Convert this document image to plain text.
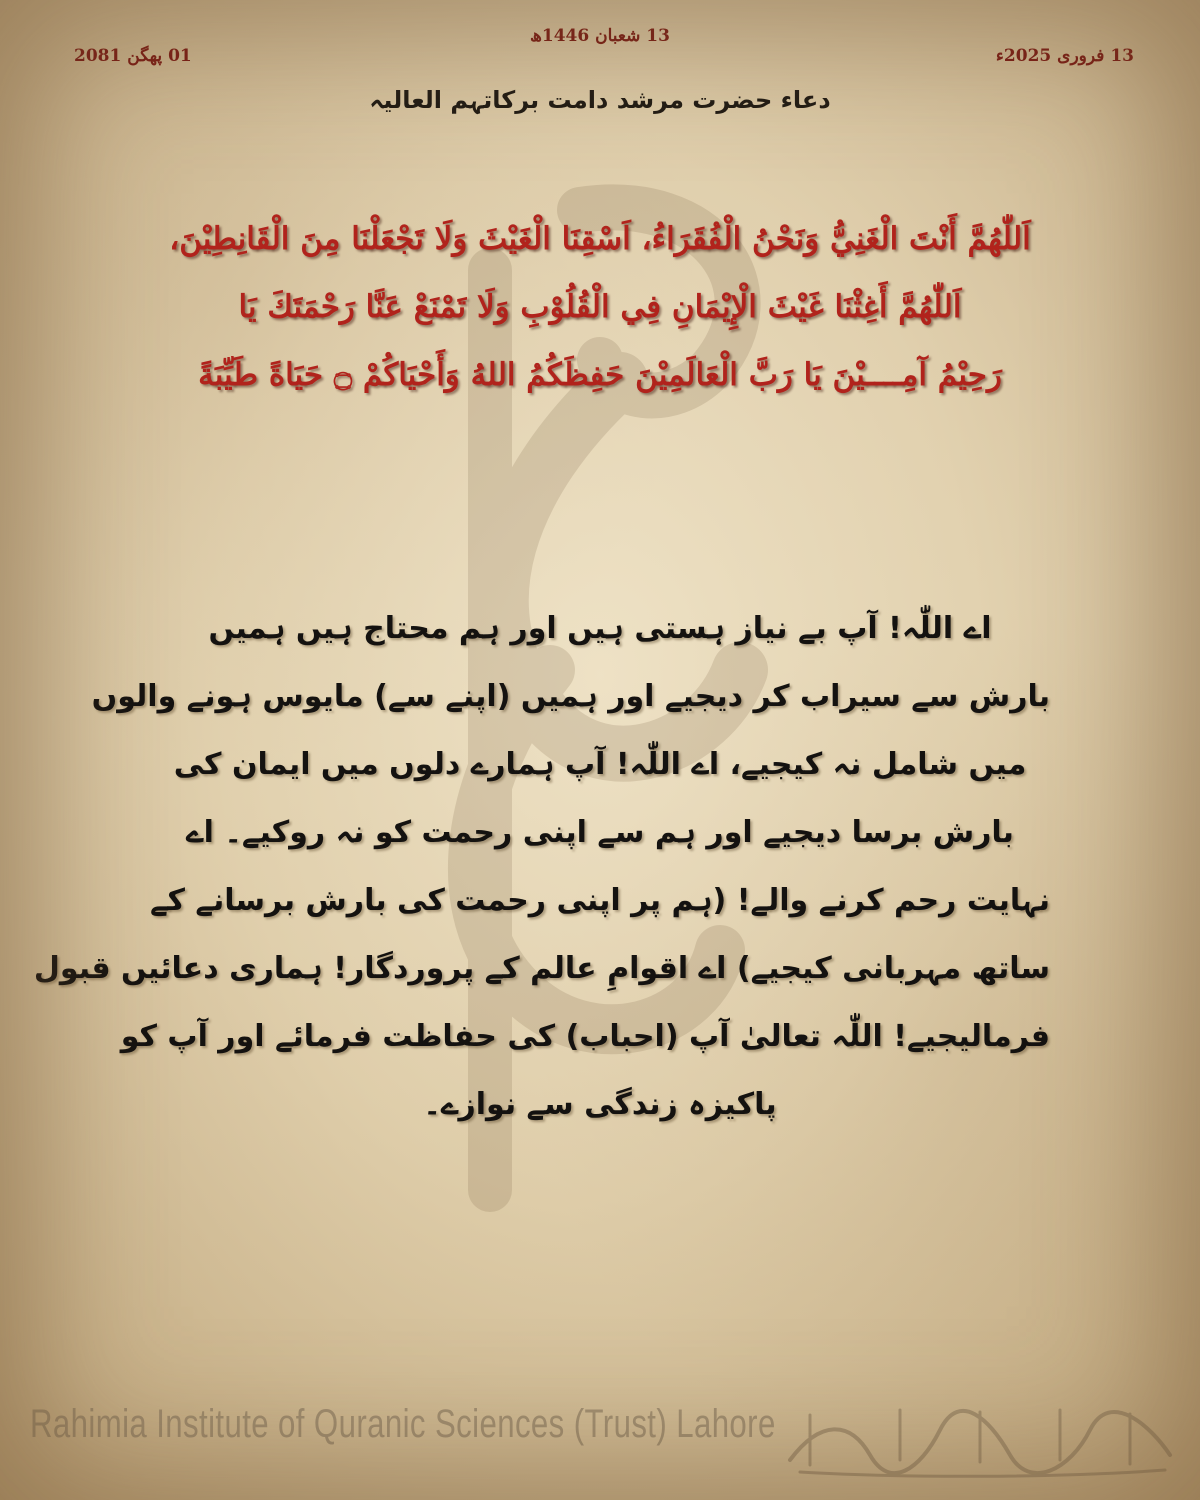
13 فروری 2025ء
13 شعبان 1446ھ
01 پھگن 2081
دعاء حضرت مرشد دامت برکاتہم العالیہ
اَللّٰهُمَّ أَنْتَ الْغَنِيُّ وَنَحْنُ الْفُقَرَاءُ، اَسْقِنَا الْغَيْثَ وَلَا تَجْعَلْنَا مِنَ الْقَانِطِيْنَ،
اَللّٰهُمَّ أَغِثْنَا غَيْثَ الْإِيْمَانِ فِي الْقُلُوْبِ وَلَا تَمْنَعْ عَنَّا رَحْمَتَكَ يَا
رَحِيْمُ آمِــــيْنَ يَا رَبَّ الْعَالَمِيْنَ حَفِظَكُمُ اللهُ وَأَحْيَاكُمْ ۝ حَيَاةً طَيِّبَةً
اے اللّٰہ! آپ بے نیاز ہستی ہیں اور ہم محتاج ہیں ہمیں
بارش سے سیراب کر دیجیے اور ہمیں (اپنے سے) مایوس ہونے والوں
میں شامل نہ کیجیے، اے اللّٰہ! آپ ہمارے دلوں میں ایمان کی
بارش برسا دیجیے اور ہم سے اپنی رحمت کو نہ روکیے۔ اے
نہایت رحم کرنے والے! (ہم پر اپنی رحمت کی بارش برسانے کے
ساتھ مہربانی کیجیے) اے اقوامِ عالم کے پروردگار! ہماری دعائیں قبول
فرمالیجیے! اللّٰہ تعالیٰ آپ (احباب) کی حفاظت فرمائے اور آپ کو
پاکیزہ زندگی سے نوازے۔
Rahimia Institute of Quranic Sciences (Trust) Lahore
